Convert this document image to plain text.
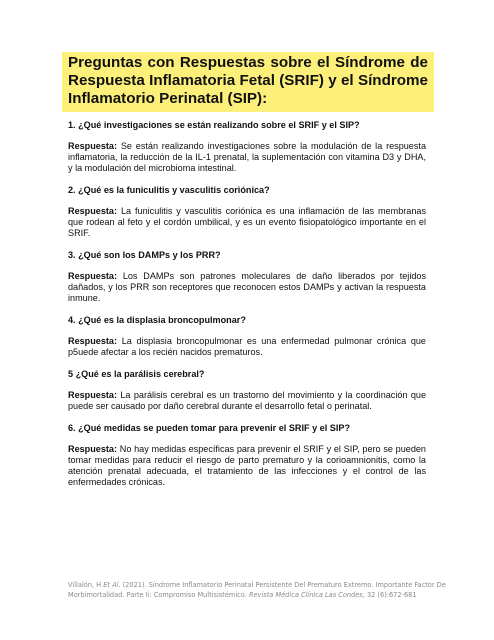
Preguntas con Respuestas sobre el Síndrome de Respuesta Inflamatoria Fetal (SRIF) y el Síndrome Inflamatorio Perinatal (SIP):

1. ¿Qué investigaciones se están realizando sobre el SRIF y el SIP?

Respuesta: Se están realizando investigaciones sobre la modulación de la respuesta inflamatoria, la reducción de la IL-1 prenatal, la suplementación con vitamina D3 y DHA, y la modulación del microbioma intestinal.

2. ¿Qué es la funiculitis y vasculitis coriónica?

Respuesta: La funiculitis y vasculitis coriónica es una inflamación de las membranas que rodean al feto y el cordón umbilical, y es un evento fisiopatológico importante en el SRIF.

3. ¿Qué son los DAMPs y los PRR?

Respuesta: Los DAMPs son patrones moleculares de daño liberados por tejidos dañados, y los PRR son receptores que reconocen estos DAMPs y activan la respuesta inmune.

4. ¿Qué es la displasia broncopulmonar?

Respuesta: La displasia broncopulmonar es una enfermedad pulmonar crónica que p5uede afectar a los recién nacidos prematuros.

5 ¿Qué es la parálisis cerebral?

Respuesta: La parálisis cerebral es un trastorno del movimiento y la coordinación que puede ser causado por daño cerebral durante el desarrollo fetal o perinatal.

6. ¿Qué medidas se pueden tomar para prevenir el SRIF y el SIP?

Respuesta: No hay medidas específicas para prevenir el SRIF y el SIP, pero se pueden tomar medidas para reducir el riesgo de parto prematuro y la corioamnionitis, como la atención prenatal adecuada, el tratamiento de las infecciones y el control de las enfermedades crónicas.

Villalón, H Et Al. (2021). Síndrome Inflamatorio Perinatal Persistente Del Prematuro Extremo. Importante Factor De
Morbimortalidad. Parte Ii: Compromiso Multisistémico. Revista Médica Clínica Las Condes, 32 (6):672-681
